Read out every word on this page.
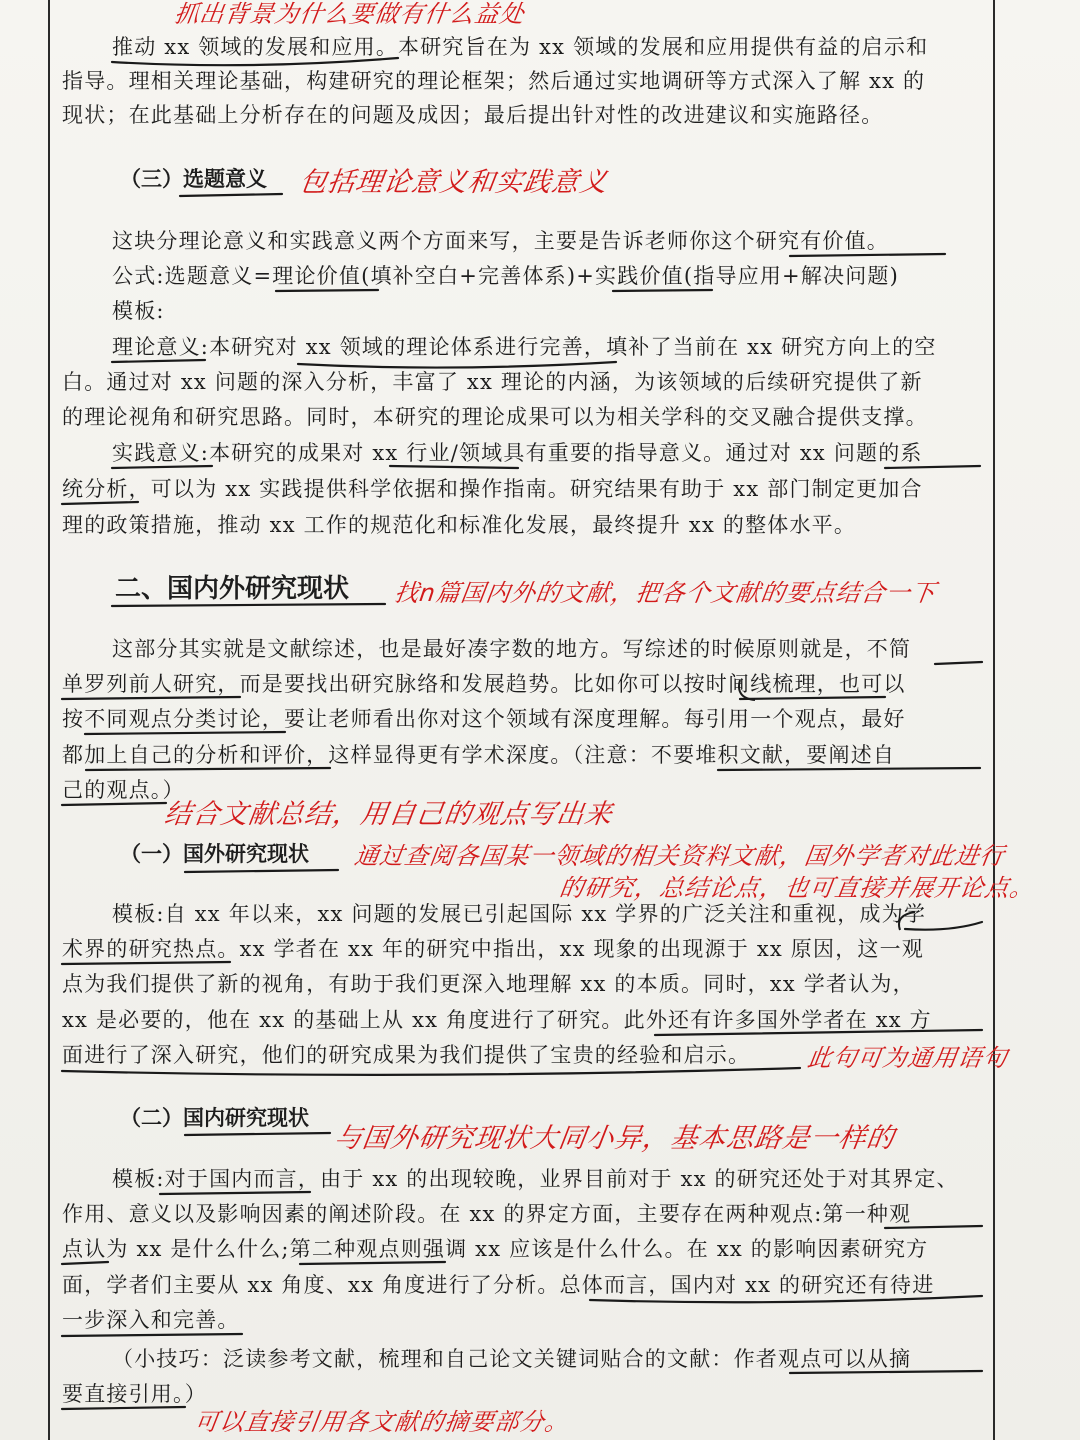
推动 xx 领域的发展和应用。本研究旨在为 xx 领域的发展和应用提供有益的启示和
指导。理相关理论基础，构建研究的理论框架；然后通过实地调研等方式深入了解 xx 的
现状；在此基础上分析存在的问题及成因；最后提出针对性的改进建议和实施路径。
（三）选题意义
这块分理论意义和实践意义两个方面来写，主要是告诉老师你这个研究有价值。
公式:选题意义=理论价值(填补空白+完善体系)+实践价值(指导应用+解决问题)
模板:
理论意义:本研究对 xx 领域的理论体系进行完善，填补了当前在 xx 研究方向上的空
白。通过对 xx 问题的深入分析，丰富了 xx 理论的内涵，为该领域的后续研究提供了新
的理论视角和研究思路。同时，本研究的理论成果可以为相关学科的交叉融合提供支撑。
实践意义:本研究的成果对 xx 行业/领域具有重要的指导意义。通过对 xx 问题的系
统分析，可以为 xx 实践提供科学依据和操作指南。研究结果有助于 xx 部门制定更加合
理的政策措施，推动 xx 工作的规范化和标准化发展，最终提升 xx 的整体水平。
二、国内外研究现状
这部分其实就是文献综述，也是最好凑字数的地方。写综述的时候原则就是，不简
单罗列前人研究，而是要找出研究脉络和发展趋势。比如你可以按时间线梳理，也可以
按不同观点分类讨论，要让老师看出你对这个领域有深度理解。每引用一个观点，最好
都加上自己的分析和评价，这样显得更有学术深度。（注意：不要堆积文献，要阐述自
己的观点。）
（一）国外研究现状
模板:自 xx 年以来，xx 问题的发展已引起国际 xx 学界的广泛关注和重视，成为学
术界的研究热点。xx 学者在 xx 年的研究中指出，xx 现象的出现源于 xx 原因，这一观
点为我们提供了新的视角，有助于我们更深入地理解 xx 的本质。同时，xx 学者认为，
xx 是必要的，他在 xx 的基础上从 xx 角度进行了研究。此外还有许多国外学者在 xx 方
面进行了深入研究，他们的研究成果为我们提供了宝贵的经验和启示。
（二）国内研究现状
模板:对于国内而言，由于 xx 的出现较晚，业界目前对于 xx 的研究还处于对其界定、
作用、意义以及影响因素的阐述阶段。在 xx 的界定方面，主要存在两种观点:第一种观
点认为 xx 是什么什么;第二种观点则强调 xx 应该是什么什么。在 xx 的影响因素研究方
面，学者们主要从 xx 角度、xx 角度进行了分析。总体而言，国内对 xx 的研究还有待进
一步深入和完善。
（小技巧：泛读参考文献，梳理和自己论文关键词贴合的文献：作者观点可以从摘
要直接引用。）
抓出背景为什么要做有什么益处
包括理论意义和实践意义
找n篇国内外的文献，把各个文献的要点结合一下
结合文献总结，用自己的观点写出来
通过查阅各国某一领域的相关资料文献，国外学者对此进行
的研究，总结论点，也可直接并展开论点。
此句可为通用语句
与国外研究现状大同小异，基本思路是一样的
可以直接引用各文献的摘要部分。
